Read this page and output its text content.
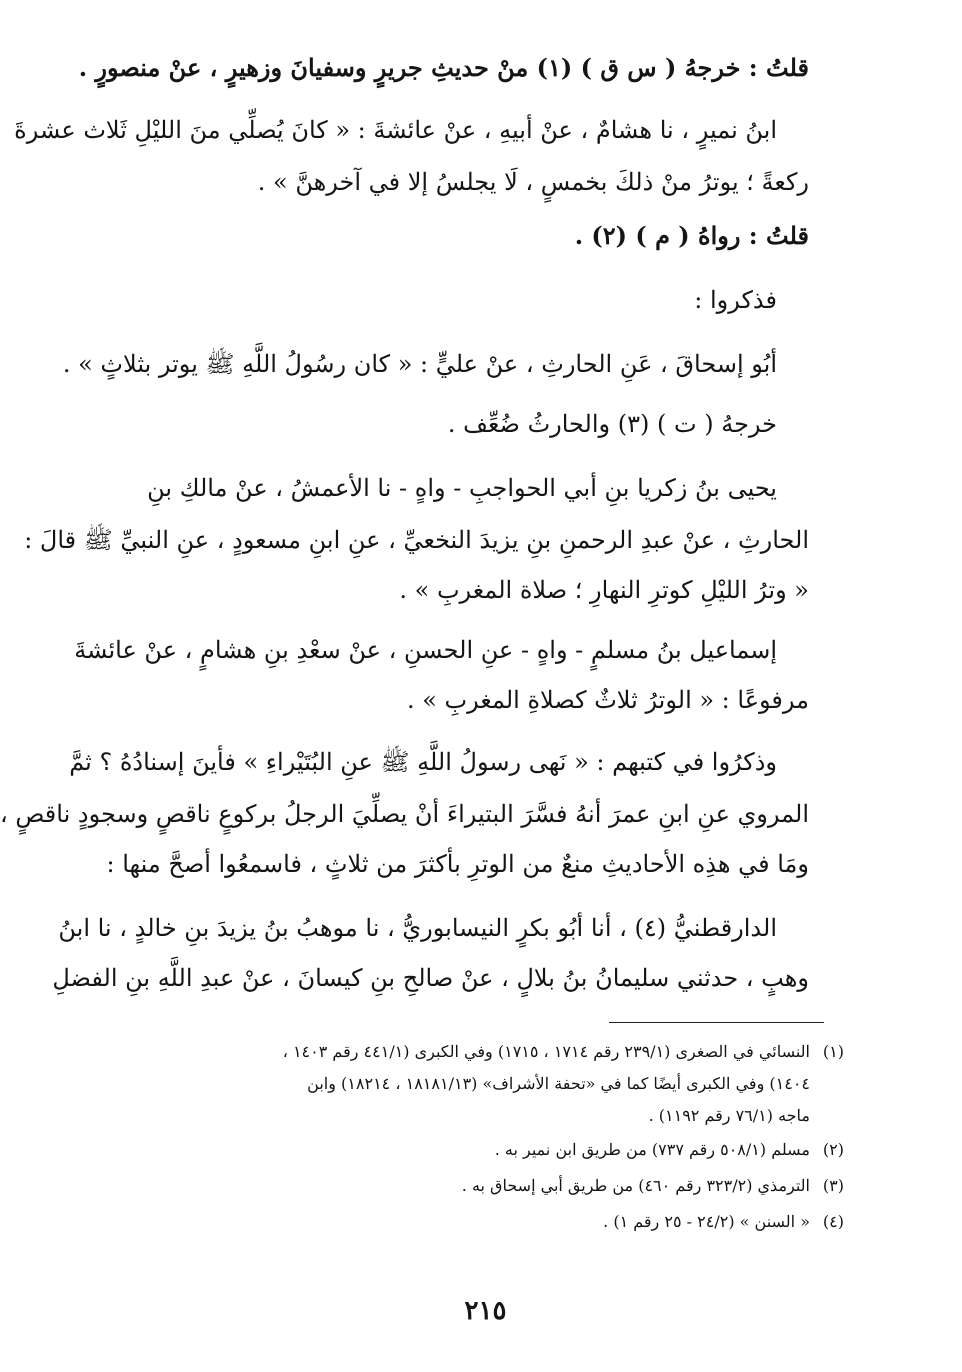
قلتُ : خرجهُ ( س ق ) (١) منْ حديثِ جريرٍ وسفيانَ وزهيرٍ ، عنْ منصورٍ .
ابنُ نميرٍ ، نا هشامٌ ، عنْ أبيهِ ، عنْ عائشةَ : « كانَ يُصلِّي منَ الليْلِ ثَلاث عشرةَ
ركعةً ؛ يوترُ منْ ذلكَ بخمسٍ ، لَا يجلسُ إلا في آخرهنَّ » .
قلتُ : رواهُ ( م ) (٢) .
فذكروا :
أبُو إسحاقَ ، عَنِ الحارثِ ، عنْ عليٍّ : « كان رسُولُ اللَّهِ ﷺ يوتر بثلاثٍ » .
خرجهُ ( ت ) (٣) والحارثُ ضُعِّف .
يحيى بنُ زكريا بنِ أبي الحواجبِ - واهٍ - نا الأعمشُ ، عنْ مالكِ بنِ
الحارثِ ، عنْ عبدِ الرحمنِ بنِ يزيدَ النخعيِّ ، عنِ ابنِ مسعودٍ ، عنِ النبيِّ ﷺ قالَ :
« وترُ الليْلِ كوترِ النهارِ ؛ صلاة المغربِ » .
إسماعيل بنُ مسلمٍ - واهٍ - عنِ الحسنِ ، عنْ سعْدِ بنِ هشامٍ ، عنْ عائشةَ
مرفوعًا : « الوترُ ثلاثٌ كصلاةِ المغربِ » .
وذكرُوا في كتبهم : « نَهى رسولُ اللَّهِ ﷺ عنِ البُتَيْراءِ » فأينَ إسنادُهُ ؟ ثمَّ
المروي عنِ ابنِ عمرَ أنهُ فسَّرَ البتيراءَ أنْ يصلِّيَ الرجلُ بركوعٍ ناقصٍ وسجودٍ ناقصٍ ،
ومَا في هذِه الأحاديثِ منعٌ من الوترِ بأكثرَ من ثلاثٍ ، فاسمعُوا أصحَّ منها :
الدارقطنيُّ (٤) ، أنا أبُو بكرٍ النيسابوريُّ ، نا موهبُ بنُ يزيدَ بنِ خالدٍ ، نا ابنُ
وهبٍ ، حدثني سليمانُ بنُ بلالٍ ، عنْ صالحِ بنِ كيسانَ ، عنْ عبدِ اللَّهِ بنِ الفضلِ
(١)النسائي في الصغرى (٢٣٩/١ رقم ١٧١٤ ، ١٧١٥) وفي الكبرى (٤٤١/١ رقم ١٤٠٣ ،
١٤٠٤) وفي الكبرى أيضًا كما في «تحفة الأشراف» (١٨١٨١/١٣ ، ١٨٢١٤) وابن
ماجه (٧٦/١ رقم ١١٩٢) .
(٢)مسلم (٥٠٨/١ رقم ٧٣٧) من طريق ابن نمير به .
(٣)الترمذي (٣٢٣/٢ رقم ٤٦٠) من طريق أبي إسحاق به .
(٤)« السنن » (٢٤/٢ - ٢٥ رقم ١) .
٢١٥
